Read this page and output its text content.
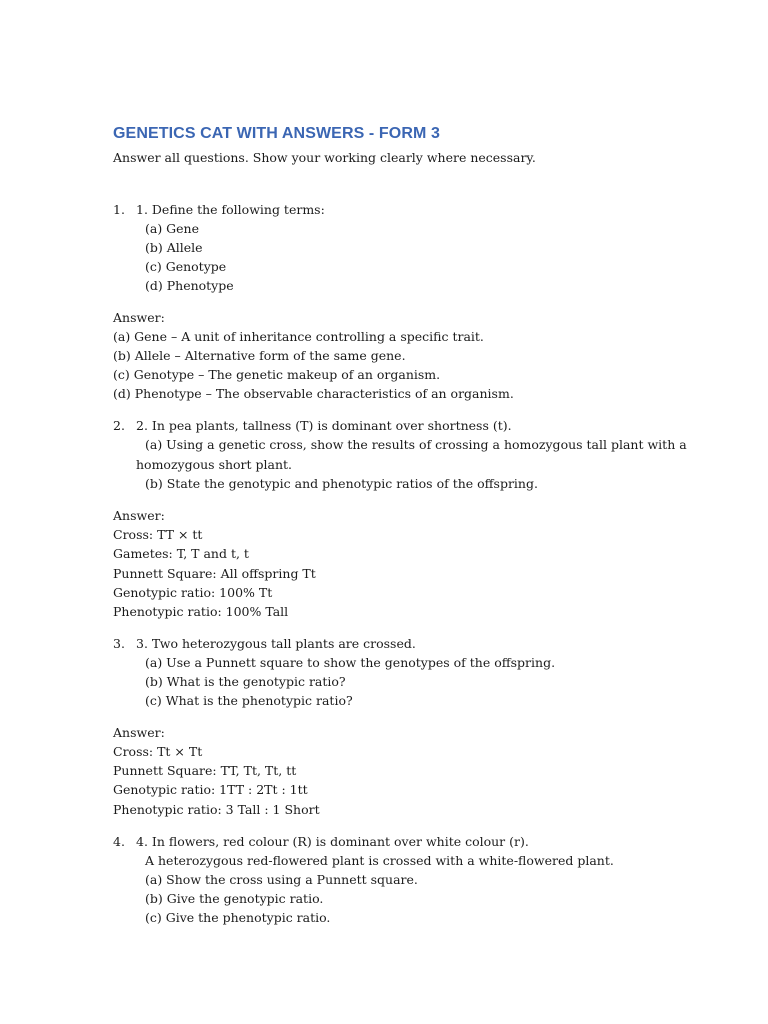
GENETICS CAT WITH ANSWERS - FORM 3
Answer all questions. Show your working clearly where necessary.
1. 1. Define the following terms:
(a) Gene
(b) Allele
(c) Genotype
(d) Phenotype
Answer:
(a) Gene – A unit of inheritance controlling a specific trait.
(b) Allele – Alternative form of the same gene.
(c) Genotype – The genetic makeup of an organism.
(d) Phenotype – The observable characteristics of an organism.
2. 2. In pea plants, tallness (T) is dominant over shortness (t).
(a) Using a genetic cross, show the results of crossing a homozygous tall plant with a
homozygous short plant.
(b) State the genotypic and phenotypic ratios of the offspring.
Answer:
Cross: TT × tt
Gametes: T, T and t, t
Punnett Square: All offspring Tt
Genotypic ratio: 100% Tt
Phenotypic ratio: 100% Tall
3. 3. Two heterozygous tall plants are crossed.
(a) Use a Punnett square to show the genotypes of the offspring.
(b) What is the genotypic ratio?
(c) What is the phenotypic ratio?
Answer:
Cross: Tt × Tt
Punnett Square: TT, Tt, Tt, tt
Genotypic ratio: 1TT : 2Tt : 1tt
Phenotypic ratio: 3 Tall : 1 Short
4. 4. In flowers, red colour (R) is dominant over white colour (r).
A heterozygous red-flowered plant is crossed with a white-flowered plant.
(a) Show the cross using a Punnett square.
(b) Give the genotypic ratio.
(c) Give the phenotypic ratio.
